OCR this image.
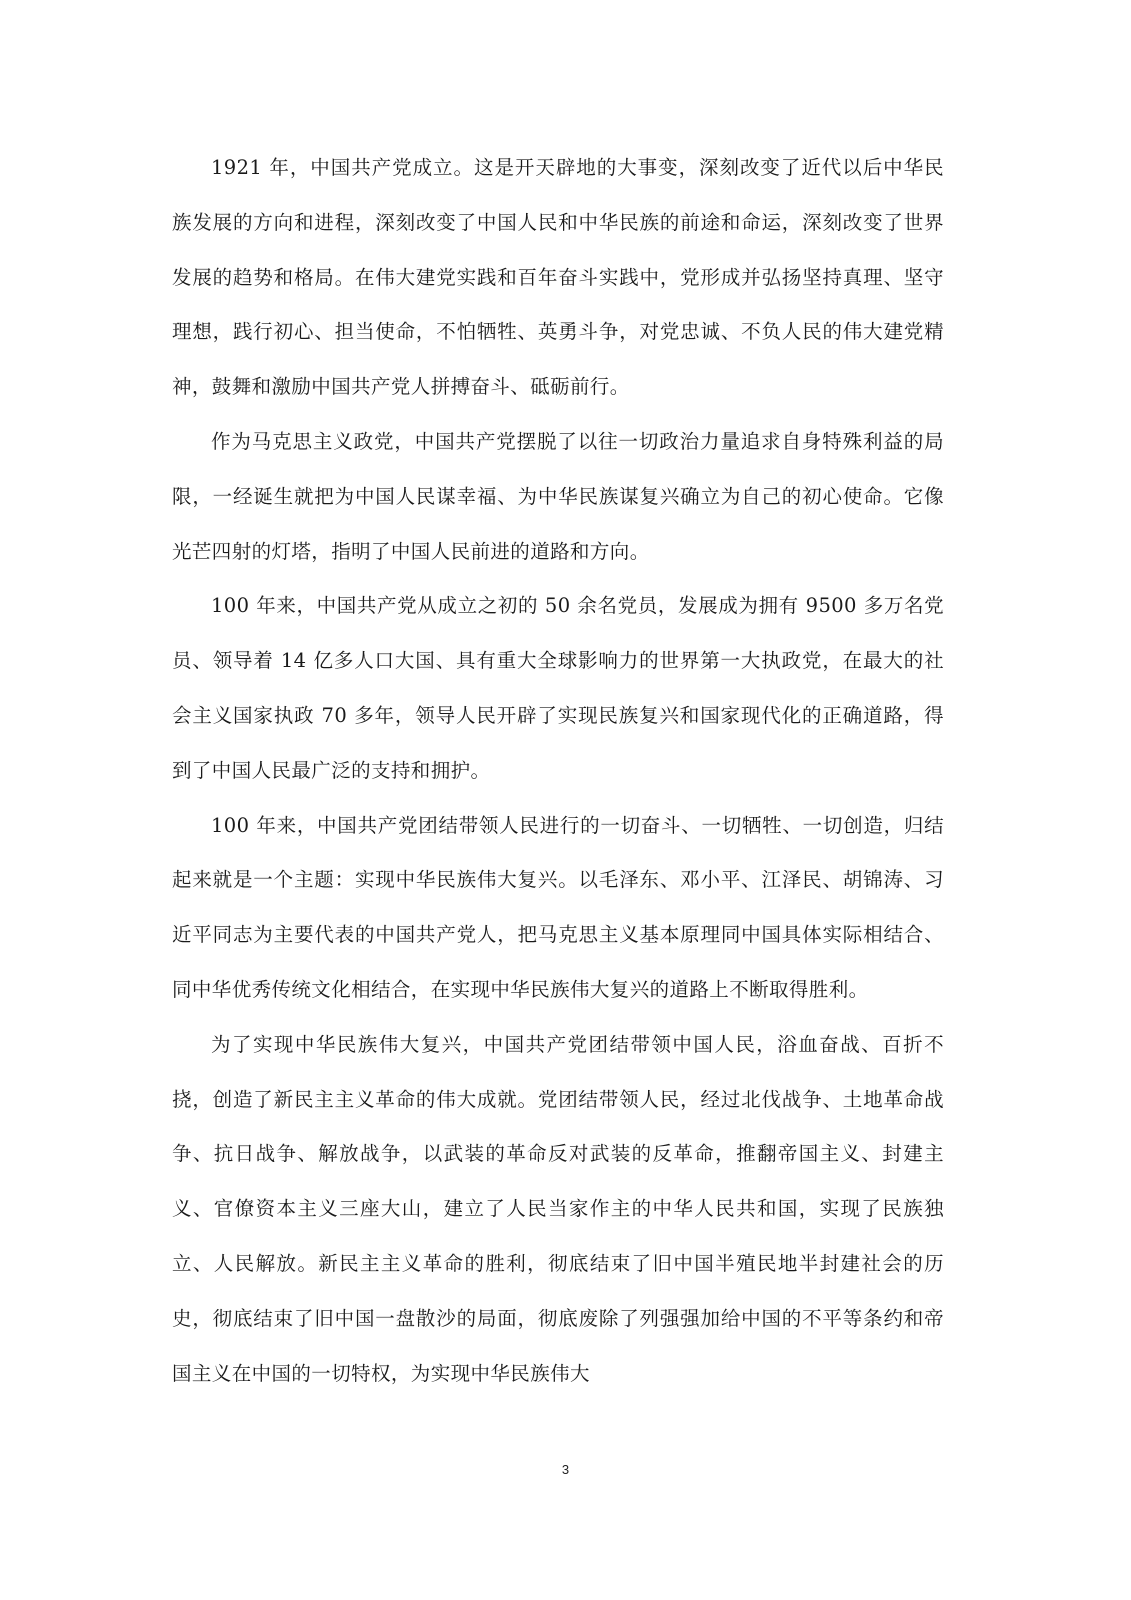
1921 年，中国共产党成立。这是开天辟地的大事变，深刻改变了近代以后中华民族发展的方向和进程，深刻改变了中国人民和中华民族的前途和命运，深刻改变了世界发展的趋势和格局。在伟大建党实践和百年奋斗实践中，党形成并弘扬坚持真理、坚守理想，践行初心、担当使命，不怕牺牲、英勇斗争，对党忠诚、不负人民的伟大建党精神，鼓舞和激励中国共产党人拼搏奋斗、砥砺前行。

作为马克思主义政党，中国共产党摆脱了以往一切政治力量追求自身特殊利益的局限，一经诞生就把为中国人民谋幸福、为中华民族谋复兴确立为自己的初心使命。它像光芒四射的灯塔，指明了中国人民前进的道路和方向。

100 年来，中国共产党从成立之初的 50 余名党员，发展成为拥有 9500 多万名党员、领导着 14 亿多人口大国、具有重大全球影响力的世界第一大执政党，在最大的社会主义国家执政 70 多年，领导人民开辟了实现民族复兴和国家现代化的正确道路，得到了中国人民最广泛的支持和拥护。

100 年来，中国共产党团结带领人民进行的一切奋斗、一切牺牲、一切创造，归结起来就是一个主题：实现中华民族伟大复兴。以毛泽东、邓小平、江泽民、胡锦涛、习近平同志为主要代表的中国共产党人，把马克思主义基本原理同中国具体实际相结合、同中华优秀传统文化相结合，在实现中华民族伟大复兴的道路上不断取得胜利。

为了实现中华民族伟大复兴，中国共产党团结带领中国人民，浴血奋战、百折不挠，创造了新民主主义革命的伟大成就。党团结带领人民，经过北伐战争、土地革命战争、抗日战争、解放战争，以武装的革命反对武装的反革命，推翻帝国主义、封建主义、官僚资本主义三座大山，建立了人民当家作主的中华人民共和国，实现了民族独立、人民解放。新民主主义革命的胜利，彻底结束了旧中国半殖民地半封建社会的历史，彻底结束了旧中国一盘散沙的局面，彻底废除了列强强加给中国的不平等条约和帝国主义在中国的一切特权，为实现中华民族伟大

3
